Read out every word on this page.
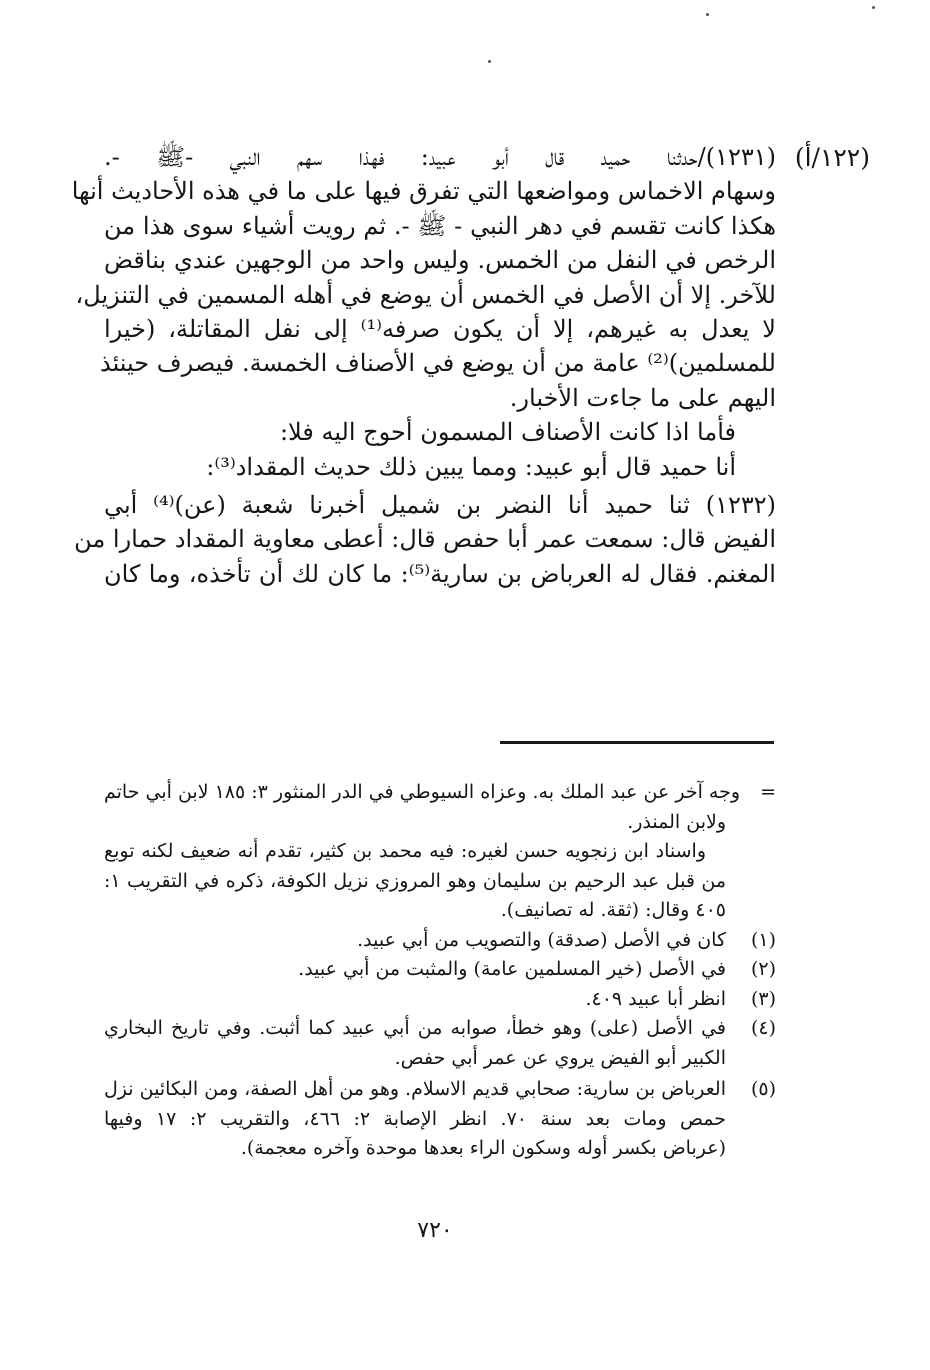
(١٢٢/أ)
(١٢٣١)/حدثنا حميد قال أبو عبيد: فهذا سهم النبي -ﷺ -.
وسهام الاخماس ومواضعها التي تفرق فيها على ما في هذه الأحاديث أنها
هكذا كانت تقسم في دهر النبي - ﷺ -. ثم رويت أشياء سوى هذا من
الرخص في النفل من الخمس. وليس واحد من الوجهين عندي بناقض
للآخر. إلا أن الأصل في الخمس أن يوضع في أهله المسمين في التنزيل،
لا يعدل به غيرهم، إلا أن يكون صرفه⁽¹⁾ إلى نفل المقاتلة، (خيرا
للمسلمين)⁽²⁾ عامة من أن يوضع في الأصناف الخمسة. فيصرف حينئذ
اليهم على ما جاءت الأخبار.
فأما اذا كانت الأصناف المسمون أحوج اليه فلا:
أنا حميد قال أبو عبيد: ومما يبين ذلك حديث المقداد⁽³⁾:
(١٢٣٢) ثنا حميد أنا النضر بن شميل أخبرنا شعبة (عن)⁽⁴⁾ أبي
الفيض قال: سمعت عمر أبا حفص قال: أعطى معاوية المقداد حمارا من
المغنم. فقال له العرباض بن سارية⁽⁵⁾: ما كان لك أن تأخذه، وما كان
=
وجه آخر عن عبد الملك به. وعزاه السيوطي في الدر المنثور ٣: ١٨٥ لابن أبي حاتم
ولابن المنذر.
واسناد ابن زنجويه حسن لغيره: فيه محمد بن كثير، تقدم أنه ضعيف لكنه توبع
من قبل عبد الرحيم بن سليمان وهو المروزي نزيل الكوفة، ذكره في التقريب ١:
٤٠٥ وقال: (ثقة. له تصانيف).
(١)
كان في الأصل (صدقة) والتصويب من أبي عبيد.
(٢)
في الأصل (خير المسلمين عامة) والمثبت من أبي عبيد.
(٣)
انظر أبا عبيد ٤٠٩.
(٤)
في الأصل (على) وهو خطأ، صوابه من أبي عبيد كما أثبت. وفي تاريخ البخاري
الكبير أبو الفيض يروي عن عمر أبي حفص.
(٥)
العرباض بن سارية: صحابي قديم الاسلام. وهو من أهل الصفة، ومن البكائين نزل
حمص ومات بعد سنة ٧٠. انظر الإصابة ٢: ٤٦٦، والتقريب ٢: ١٧ وفيها
(عرباض بكسر أوله وسكون الراء بعدها موحدة وآخره معجمة).
٧٢٠
